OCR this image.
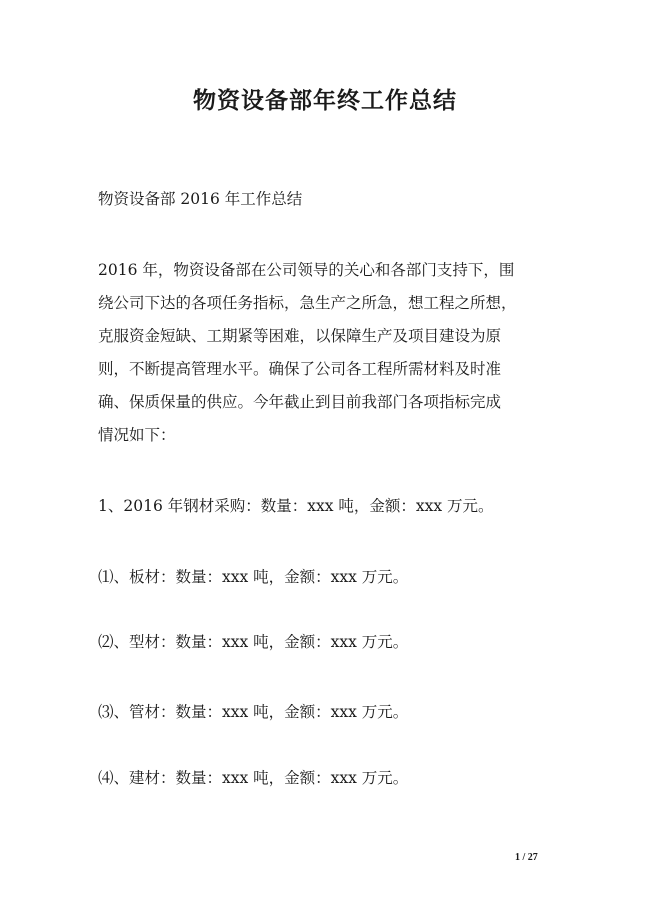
物资设备部年终工作总结
物资设备部 2016 年工作总结
2016 年，物资设备部在公司领导的关心和各部门支持下，围
绕公司下达的各项任务指标，急生产之所急，想工程之所想，
克服资金短缺、工期紧等困难，以保障生产及项目建设为原
则，不断提高管理水平。确保了公司各工程所需材料及时准
确、保质保量的供应。今年截止到目前我部门各项指标完成
情况如下：
1、2016 年钢材采购：数量：xxx 吨，金额：xxx 万元。
⑴、板材：数量：xxx 吨，金额：xxx 万元。
⑵、型材：数量：xxx 吨，金额：xxx 万元。
⑶、管材：数量：xxx 吨，金额：xxx 万元。
⑷、建材：数量：xxx 吨，金额：xxx 万元。
1 / 27
